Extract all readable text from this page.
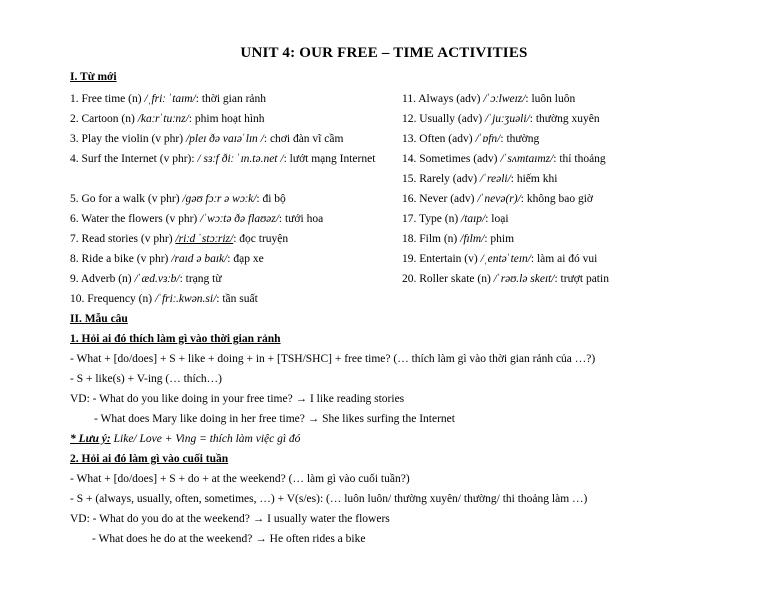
UNIT 4: OUR FREE – TIME ACTIVITIES
I. Từ mới
1. Free time (n) /ˌfriː ˈtaɪm/: thời gian rảnh
2. Cartoon (n) /kɑːrˈtuːnz/: phim hoạt hình
3. Play the violin (v phr) /pleɪ ðə vaɪəˈlɪn /: chơi đàn vĩ cầm
4. Surf the Internet (v phr): / sɜːf ðiː ˈɪn.tə.net /: lướt mạng Internet
5. Go for a walk (v phr) /ɡəʊ fɔːr ə wɔːk/: đi bộ
6. Water the flowers (v phr) /ˈwɔːtə ðə flaʊəz/: tưới hoa
7. Read stories (v phr) /riːd ˈstɔːriz/: đọc truyện
8. Ride a bike (v phr) /raɪd ə baɪk/: đạp xe
9. Adverb (n) /ˈæd.vɜːb/: trạng từ
10. Frequency (n) /ˈfriː.kwən.si/: tần suất
11. Always (adv) /ˈɔːlweɪz/: luôn luôn
12. Usually (adv) /ˈjuːʒuəli/: thường xuyên
13. Often (adv) /ˈɒfn/: thường
14. Sometimes (adv) /ˈsʌmtaɪmz/: thỉ thoảng
15. Rarely (adv) /ˈreəli/: hiếm khi
16. Never (adv) /ˈnevə(r)/: không bao giờ
17. Type (n) /taɪp/: loại
18. Film (n) /fɪlm/: phim
19. Entertain (v) /ˌentəˈteɪn/: làm ai đó vui
20. Roller skate (n) /ˈrəʊ.lə skeɪt/: trượt patin
II. Mẫu câu
1. Hỏi ai đó thích làm gì vào thời gian rảnh
- What + [do/does] + S + like + doing + in + [TSH/SHC] + free time? (… thích làm gì vào thời gian rảnh của …?)
- S + like(s) + V-ing (… thích…)
VD: - What do you like doing in your free time? → I like reading stories
- What does Mary like doing in her free time? → She likes surfing the Internet
* Lưu ý: Like/ Love + Ving = thích làm việc gì đó
2. Hỏi ai đó làm gì vào cuối tuần
- What + [do/does] + S + do + at the weekend? (… làm gì vào cuối tuần?)
- S + (always, usually, often, sometimes, …) + V(s/es): (… luôn luôn/ thường xuyên/ thường/ thi thoảng làm …)
VD: - What do you do at the weekend? → I usually water the flowers
- What does he do at the weekend? → He often rides a bike
